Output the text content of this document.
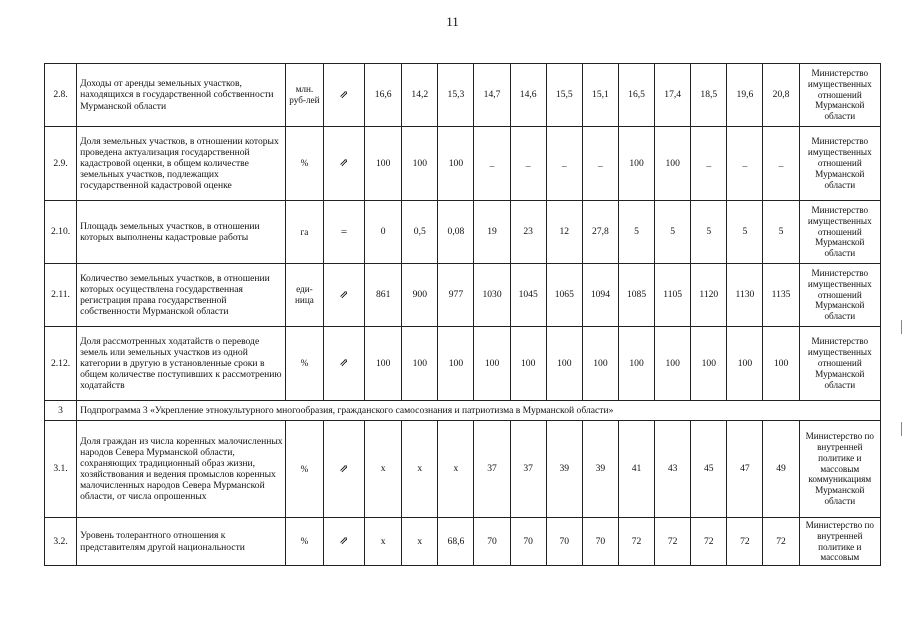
11
2.8.	Доходы от аренды земельных участков, находящихся в государственной собственности Мурманской области	млн. руб-лей	⇗	16,6	14,2	15,3	14,7	14,6	15,5	15,1	16,5	17,4	18,5	19,6	20,8	Министерство имущественных отношений Мурманской области
2.9.	Доля земельных участков, в отношении которых проведена актуализация государственной кадастровой оценки, в общем количестве земельных участков, подлежащих государственной кадастровой оценке	%	⇗	100	100	100	_	_	_	_	100	100	_	_	_	Министерство имущественных отношений Мурманской области
2.10.	Площадь земельных участков, в отношении которых выполнены кадастровые работы	га	=	0	0,5	0,08	19	23	12	27,8	5	5	5	5	5	Министерство имущественных отношений Мурманской области
2.11.	Количество земельных участков, в отношении которых осуществлена государственная регистрация права государственной собственности Мурманской области	еди-ница	⇗	861	900	977	1030	1045	1065	1094	1085	1105	1120	1130	1135	Министерство имущественных отношений Мурманской области
2.12.	Доля рассмотренных ходатайств о переводе земель или земельных участков из одной категории в другую в установленные сроки в общем количестве поступивших к рассмотрению ходатайств	%	⇗	100	100	100	100	100	100	100	100	100	100	100	100	Министерство имущественных отношений Мурманской области
3	Подпрограмма 3 «Укрепление этнокультурного многообразия, гражданского самосознания и патриотизма в Мурманской области»															
3.1.	Доля граждан из числа коренных малочисленных народов Севера Мурманской области, сохраняющих традиционный образ жизни, хозяйствования и ведения промыслов коренных малочисленных народов Севера Мурманской области, от числа опрошенных	%	⇗	х	х	х	37	37	39	39	41	43	45	47	49	Министерство по внутренней политике и массовым коммуникациям Мурманской области
3.2.	Уровень толерантного отношения к представителям другой национальности	%	⇗	х	х	68,6	70	70	70	70	72	72	72	72	72	Министерство по внутренней политике и массовым
